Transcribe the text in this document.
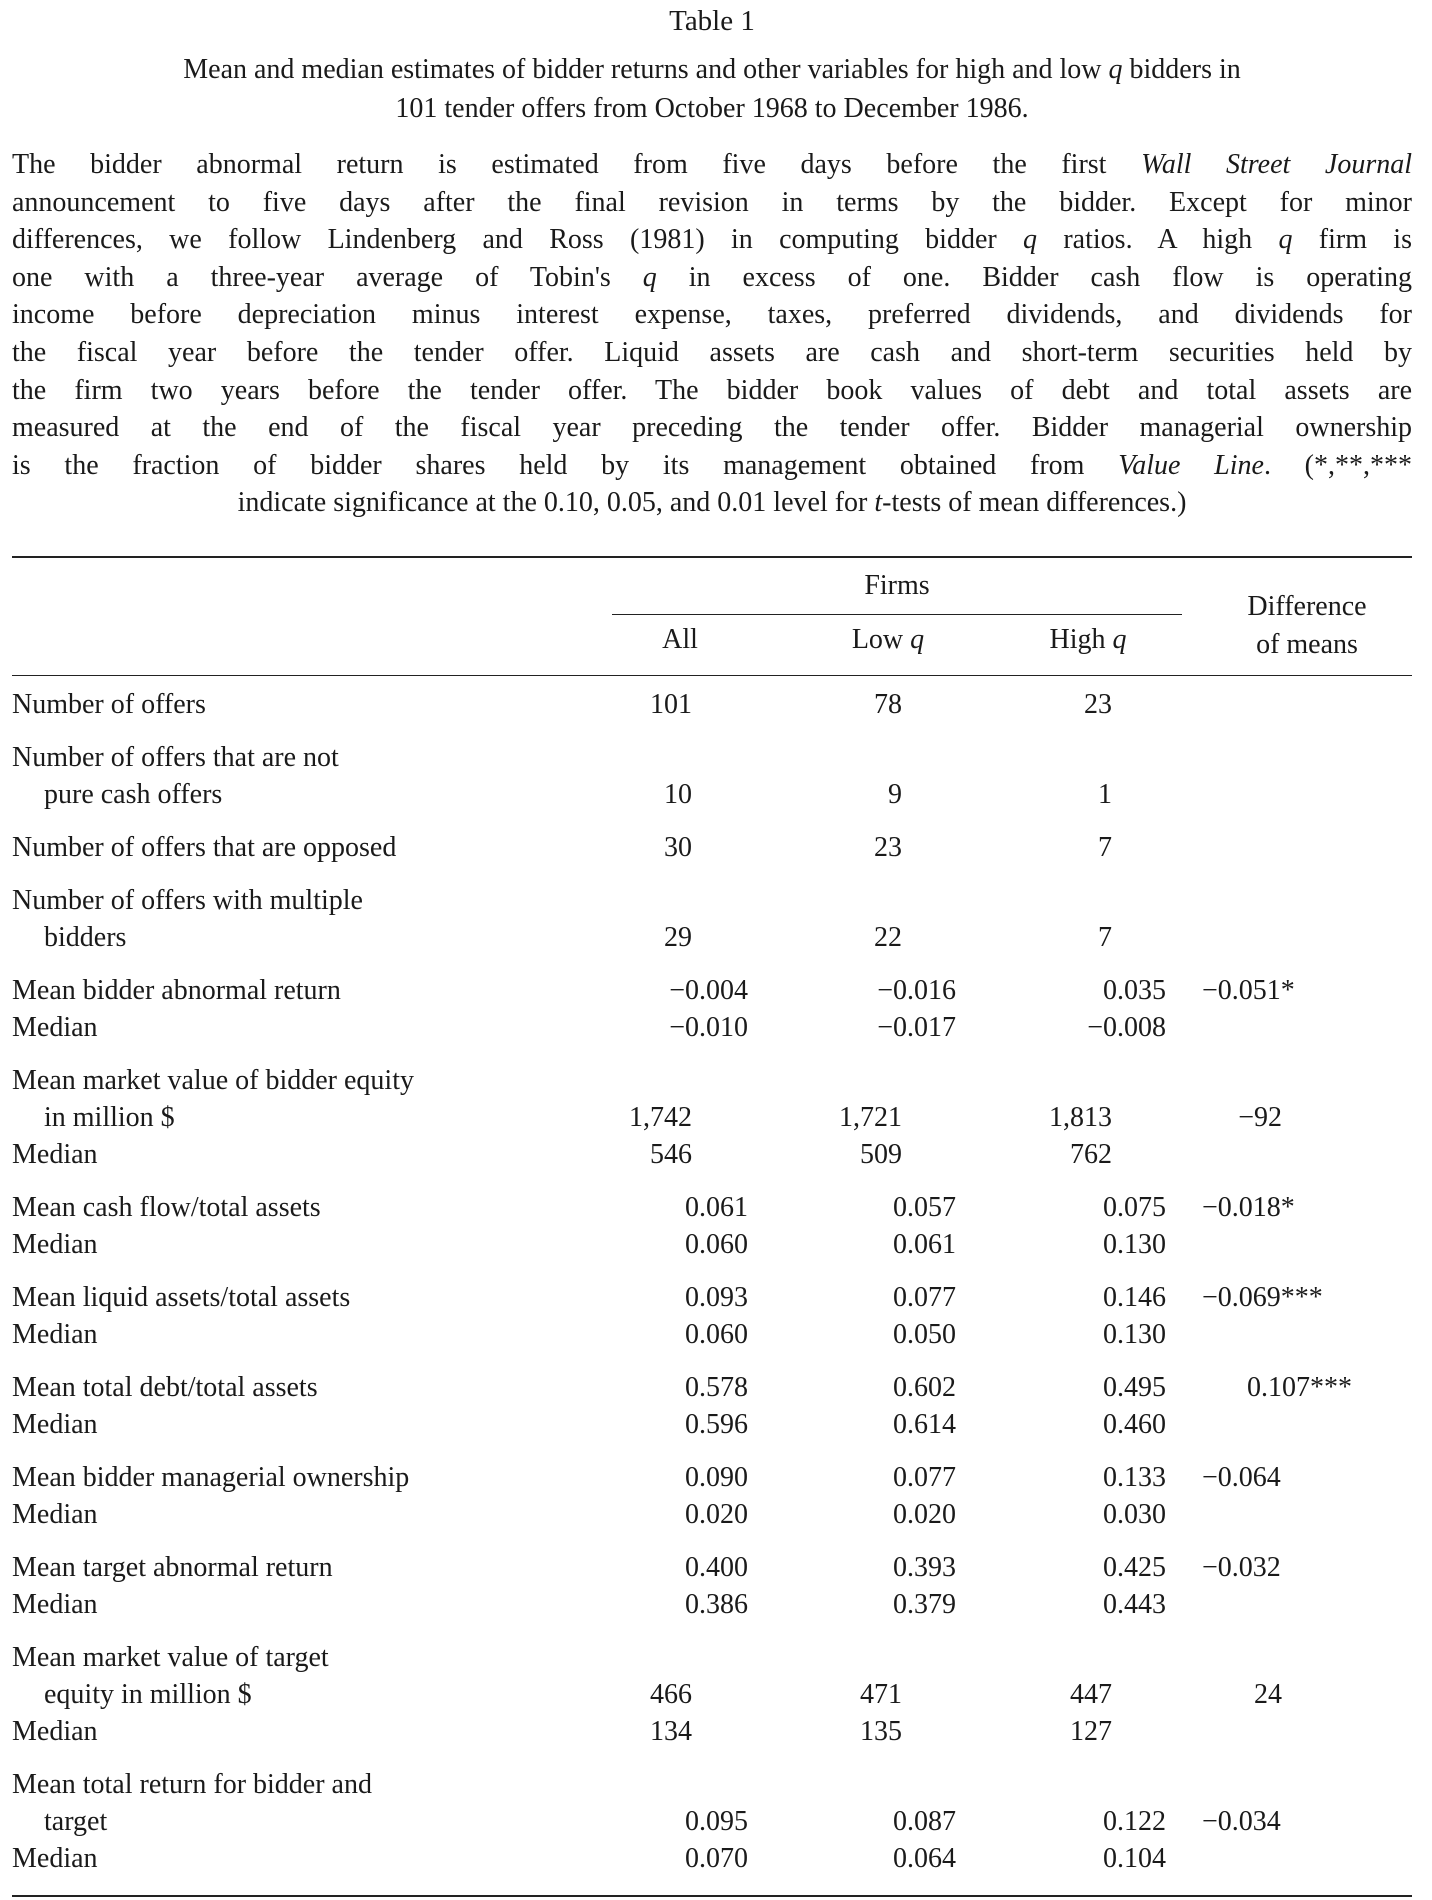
Table 1
Mean and median estimates of bidder returns and other variables for high and low q bidders in
101 tender offers from October 1968 to December 1986.
The bidder abnormal return is estimated from five days before the first Wall Street Journal
announcement to five days after the final revision in terms by the bidder. Except for minor
differences, we follow Lindenberg and Ross (1981) in computing bidder q ratios. A high q firm is
one with a three-year average of Tobin's q in excess of one. Bidder cash flow is operating
income before depreciation minus interest expense, taxes, preferred dividends, and dividends for
the fiscal year before the tender offer. Liquid assets are cash and short-term securities held by
the firm two years before the tender offer. The bidder book values of debt and total assets are
measured at the end of the fiscal year preceding the tender offer. Bidder managerial ownership
is the fraction of bidder shares held by its management obtained from Value Line. (*,**,***
indicate significance at the 0.10, 0.05, and 0.01 level for t-tests of mean differences.)
Firms
All	Low q	High q
Difference
of means
Number of offers	101	78	23
Number of offers that are not
pure cash offers	10	9	1
Number of offers that are opposed	30	23	7
Number of offers with multiple
bidders	29	22	7
Mean bidder abnormal return	−0.004	−0.016	0.035 −0.051*
Median	−0.010	−0.017	−0.008
Mean market value of bidder equity
in million $	1,742	1,721	1,813	−92
Median	546	509	762
Mean cash flow/total assets	0.061	0.057	0.075 −0.018*
Median	0.060	0.061	0.130
Mean liquid assets/total assets	0.093	0.077	0.146 −0.069***
Median	0.060	0.050	0.130
Mean total debt/total assets	0.578	0.602	0.495	0.107***
Median	0.596	0.614	0.460
Mean bidder managerial ownership	0.090	0.077	0.133 −0.064
Median	0.020	0.020	0.030
Mean target abnormal return	0.400	0.393	0.425 −0.032
Median	0.386	0.379	0.443
Mean market value of target
equity in million $	466	471	447	24
Median	134	135	127
Mean total return for bidder and
target	0.095	0.087	0.122 −0.034
Median	0.070	0.064	0.104
